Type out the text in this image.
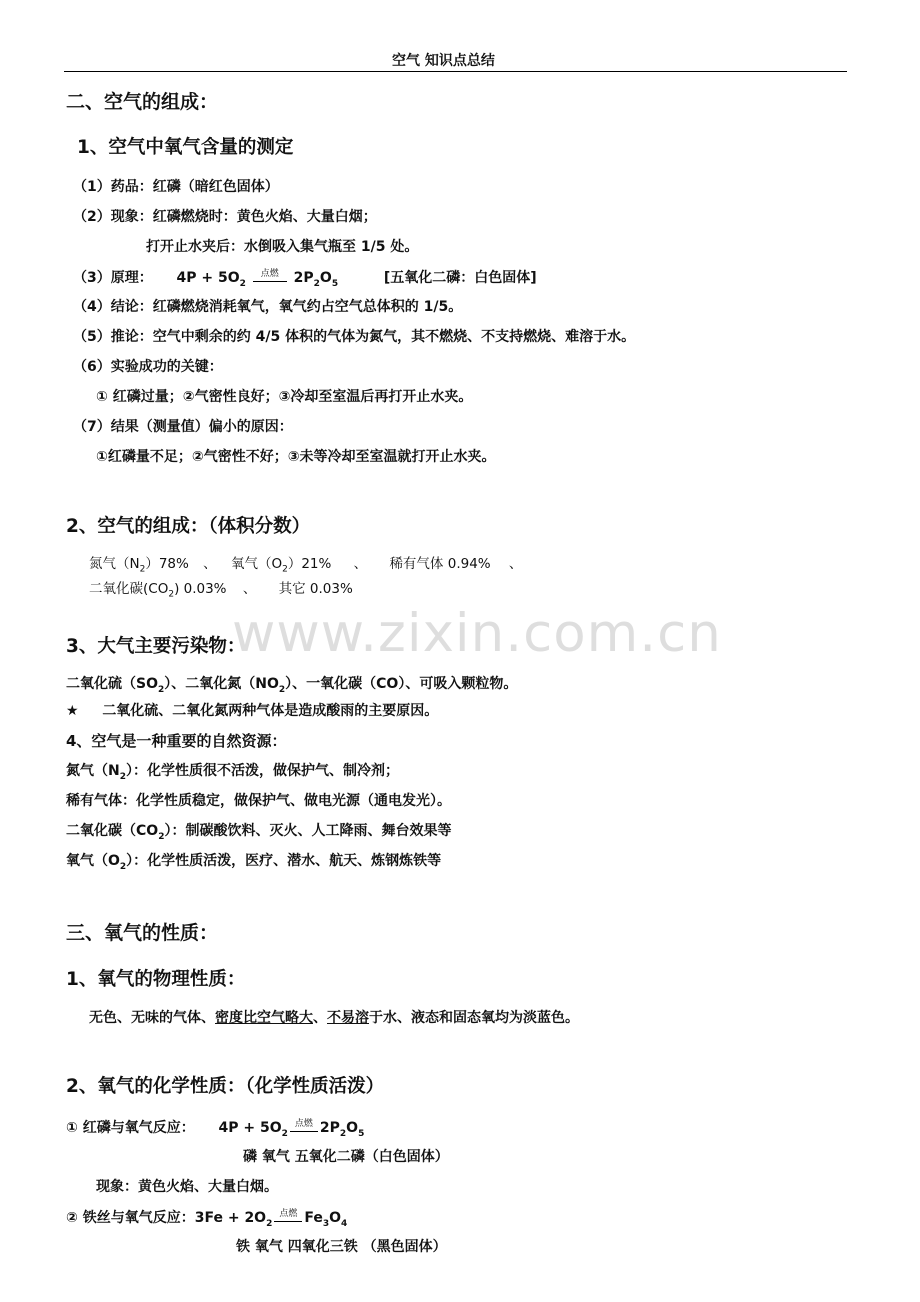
空气 知识点总结
www.zixin.com.cn
二、空气的组成：
1、空气中氧气含量的测定
（1）药品：红磷（暗红色固体）
（2）现象：红磷燃烧时：黄色火焰、大量白烟；
打开止水夹后：水倒吸入集气瓶至 1/5 处。
（3）原理： $4P + 5O_2$ 点燃 $2P_2O_5$	[五氧化二磷：白色固体]
（4）结论：红磷燃烧消耗氧气，氧气约占空气总体积的 1/5。
（5）推论：空气中剩余的约 4/5 体积的气体为氮气，其不燃烧、不支持燃烧、难溶于水。
（6）实验成功的关键：
① 红磷过量；②气密性良好；③冷却至室温后再打开止水夹。
（7）结果（测量值）偏小的原因：
①红磷量不足；②气密性不好；③未等冷却至室温就打开止水夹。
2、空气的组成：（体积分数）
氮气$(N_2)78\%$ 、 氧气$(O_2)21\%$ 、 稀有气体 0.94% 、
二氧化碳$(CO_2)$ 0.03% 、 其它 0.03%
3、大气主要污染物：
二氧化硫$(SO_2)$、二氧化氮$(NO_2)$、一氧化碳（CO）、可吸入颗粒物。
★ 二氧化硫、二氧化氮两种气体是造成酸雨的主要原因。
4、空气是一种重要的自然资源：
氮气$(N_2)$：化学性质很不活泼，做保护气、制冷剂；
稀有气体：化学性质稳定，做保护气、做电光源（通电发光）。
二氧化碳$(CO_2)$：制碳酸饮料、灭火、人工降雨、舞台效果等
氧气$(O_2)$：化学性质活泼，医疗、潜水、航天、炼钢炼铁等
三、氧气的性质：
1、氧气的物理性质：
无色、无味的气体、密度比空气略大、不易溶于水、液态和固态氧均为淡蓝色。
2、氧气的化学性质：（化学性质活泼）
① 红磷与氧气反应： $4P + 5O_2$点燃 $2P_2O_5$
磷 氧气 五氧化二磷（白色固体）
现象：黄色火焰、大量白烟。
② 铁丝与氧气反应：$3Fe + 2O_2$点燃 $Fe_3O_4$
铁 氧气 四氧化三铁 （黑色固体）
